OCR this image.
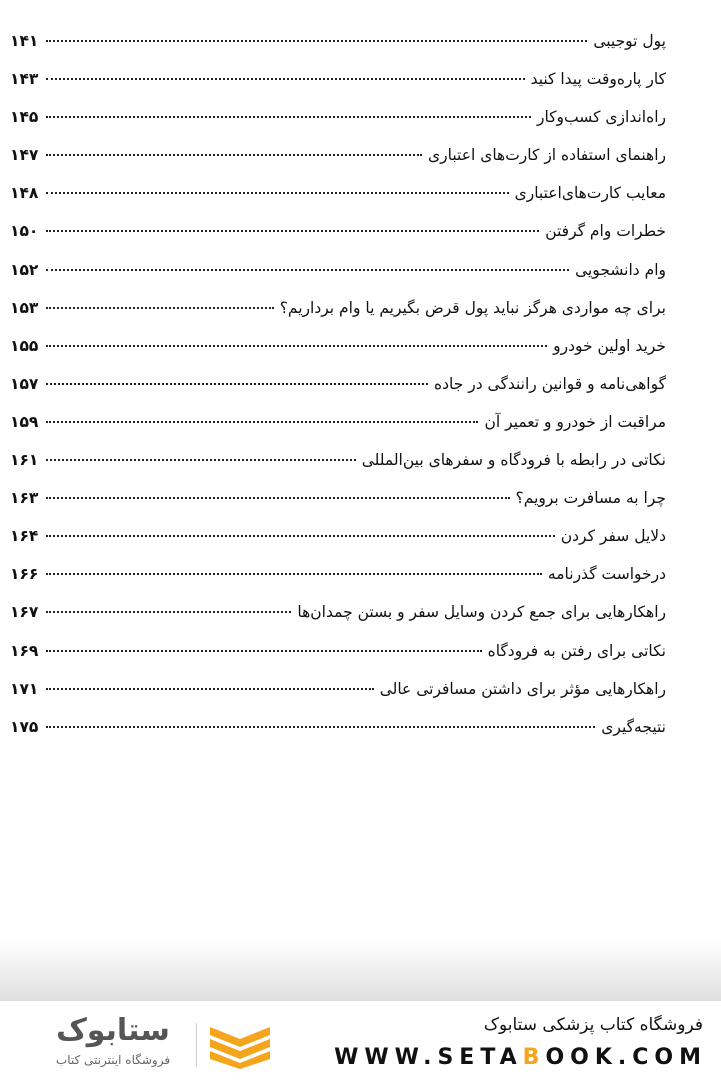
پول توجیبی
۱۴۱
کار پاره‌وقت پیدا کنید
۱۴۳
راه‌اندازی کسب‌وکار
۱۴۵
راهنمای استفاده از کارت‌های اعتباری
۱۴۷
معایب کارت‌های‌اعتباری
۱۴۸
خطرات وام گرفتن
۱۵۰
وام دانشجویی
۱۵۲
برای چه مواردی هرگز نباید پول قرض بگیریم یا وام برداریم؟
۱۵۳
خرید اولین خودرو
۱۵۵
گواهی‌نامه و قوانین رانندگی در جاده
۱۵۷
مراقبت از خودرو و تعمیر آن
۱۵۹
نکاتی در رابطه با فرودگاه و سفرهای بین‌المللی
۱۶۱
چرا به مسافرت برویم؟
۱۶۳
دلایل سفر کردن
۱۶۴
درخواست گذرنامه
۱۶۶
راهکارهایی برای جمع کردن وسایل سفر و بستن چمدان‌ها
۱۶۷
نکاتی برای رفتن به فرودگاه
۱۶۹
راهکارهایی مؤثر برای داشتن مسافرتی عالی
۱۷۱
نتیجه‌گیری
۱۷۵
فروشگاه کتاب پزشکی ستابوک
WWW.SETABOOK.COM
ستابوک
فروشگاه اینترنتی کتاب
